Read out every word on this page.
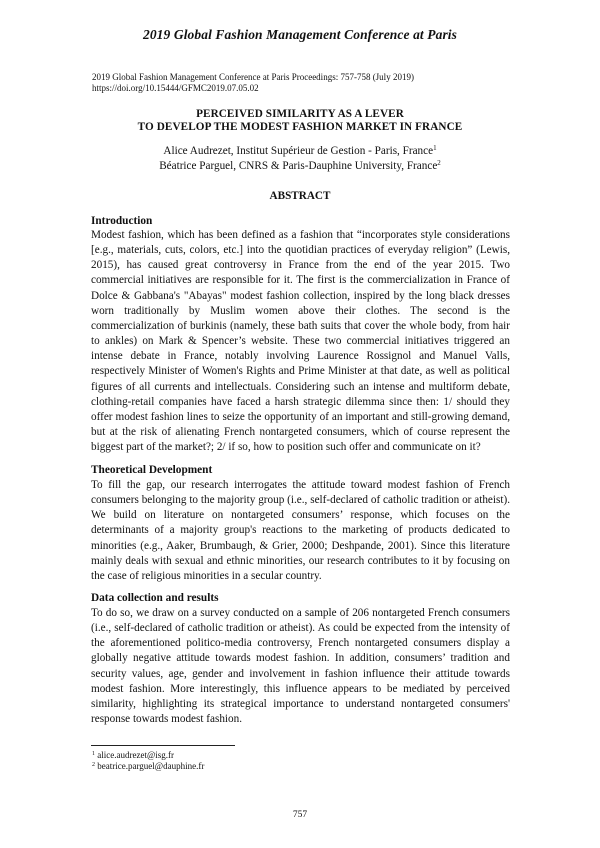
2019 Global Fashion Management Conference at Paris
2019 Global Fashion Management Conference at Paris Proceedings: 757-758 (July 2019)
https://doi.org/10.15444/GFMC2019.07.05.02
PERCEIVED SIMILARITY AS A LEVER
TO DEVELOP THE MODEST FASHION MARKET IN FRANCE
Alice Audrezet, Institut Supérieur de Gestion - Paris, France$^1$
Béatrice Parguel, CNRS & Paris-Dauphine University, France$^2$
ABSTRACT
Introduction

Modest fashion, which has been defined as a fashion that “incorporates style considerations [e.g., materials, cuts, colors, etc.] into the quotidian practices of everyday religion” (Lewis, 2015), has caused great controversy in France from the end of the year 2015. Two commercial initiatives are responsible for it. The first is the commercialization in France of Dolce & Gabbana's "Abayas" modest fashion collection, inspired by the long black dresses worn traditionally by Muslim women above their clothes. The second is the commercialization of burkinis (namely, these bath suits that cover the whole body, from hair to ankles) on Mark & Spencer’s website. These two commercial initiatives triggered an intense debate in France, notably involving Laurence Rossignol and Manuel Valls, respectively Minister of Women's Rights and Prime Minister at that date, as well as political figures of all currents and intellectuals. Considering such an intense and multiform debate, clothing-retail companies have faced a harsh strategic dilemma since then: 1/ should they offer modest fashion lines to seize the opportunity of an important and still-growing demand, but at the risk of alienating French nontargeted consumers, which of course represent the biggest part of the market?; 2/ if so, how to position such offer and communicate on it?

Theoretical Development

To fill the gap, our research interrogates the attitude toward modest fashion of French consumers belonging to the majority group (i.e., self-declared of catholic tradition or atheist). We build on literature on nontargeted consumers’ response, which focuses on the determinants of a majority group's reactions to the marketing of products dedicated to minorities (e.g., Aaker, Brumbaugh, & Grier, 2000; Deshpande, 2001). Since this literature mainly deals with sexual and ethnic minorities, our research contributes to it by focusing on the case of religious minorities in a secular country.

Data collection and results

To do so, we draw on a survey conducted on a sample of 206 nontargeted French consumers (i.e., self-declared of catholic tradition or atheist). As could be expected from the intensity of the aforementioned politico-media controversy, French nontargeted consumers display a globally negative attitude towards modest fashion. In addition, consumers’ tradition and security values, age, gender and involvement in fashion influence their attitude towards modest fashion. More interestingly, this influence appears to be mediated by perceived similarity, highlighting its strategical importance to understand nontargeted consumers' response towards modest fashion.

$^1$ alice.audrezet@isg.fr
$^2$ beatrice.parguel@dauphine.fr
757
